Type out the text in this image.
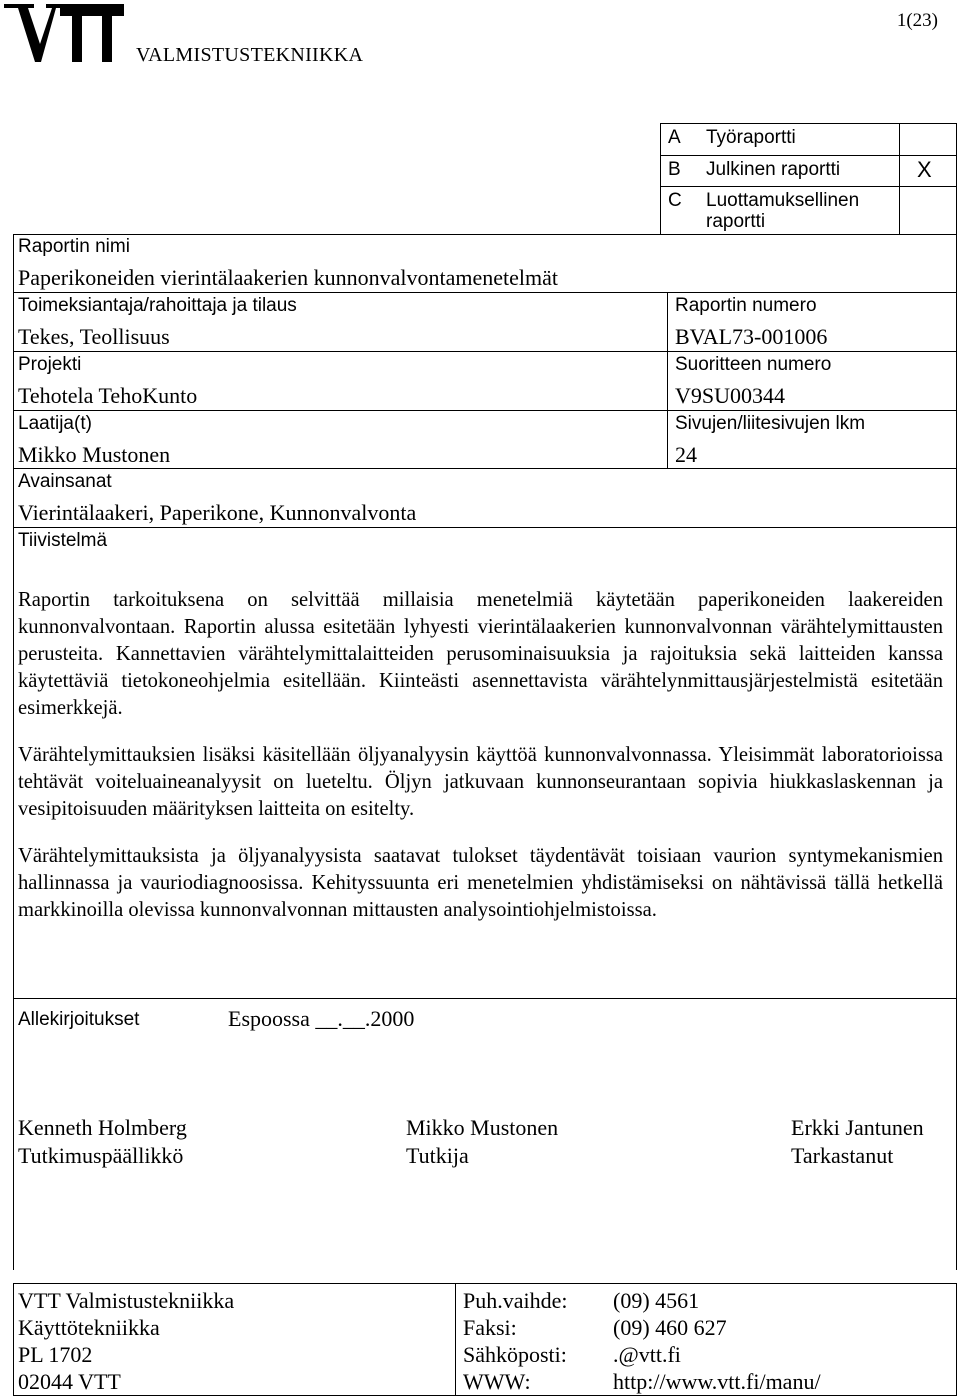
VALMISTUSTEKNIIKKA
1(23)
A Työraportti
B Julkinen raportti	X
C Luottamuksellinen raportti
Raportin nimi
Paperikoneiden vierintälaakerien kunnonvalvontamenetelmät
Toimeksiantaja/rahoittaja ja tilaus
Tekes, Teollisuus
Raportin numero
BVAL73-001006
Projekti
Tehotela TehoKunto
Suoritteen numero
V9SU00344
Laatija(t)
Mikko Mustonen
Sivujen/liitesivujen lkm
24
Avainsanat
Vierintälaakeri, Paperikone, Kunnonvalvonta
Tiivistelmä

Raportin tarkoituksena on selvittää millaisia menetelmiä käytetään paperikoneiden laakereiden kunnonvalvontaan. Raportin alussa esitetään lyhyesti vierintälaakerien kunnonvalvonnan värähtelymittausten perusteita. Kannettavien värähtelymittalaitteiden perusominaisuuksia ja rajoituksia sekä laitteiden kanssa käytettäviä tietokoneohjelmia esitellään. Kiinteästi asennettavista värähtelynmittausjärjestelmistä esitetään esimerkkejä.

Värähtelymittauksien lisäksi käsitellään öljyanalyysin käyttöä kunnonvalvonnassa. Yleisimmät laboratorioissa tehtävät voiteluaineanalyysit on lueteltu. Öljyn jatkuvaan kunnonseurantaan sopivia hiukkaslaskennan ja vesipitoisuuden määrityksen laitteita on esitelty.

Värähtelymittauksista ja öljyanalyysista saatavat tulokset täydentävät toisiaan vaurion syntymekanismien hallinnassa ja vauriodiagnoosissa. Kehityssuunta eri menetelmien yhdistämiseksi on nähtävissä tällä hetkellä markkinoilla olevissa kunnonvalvonnan mittausten analysointiohjelmistoissa.

Allekirjoitukset	Espoossa __.__.2000
Kenneth Holmberg
Tutkimuspäällikkö
Mikko Mustonen
Tutkija
Erkki Jantunen
Tarkastanut
VTT Valmistustekniikka
Käyttötekniikka
PL 1702
02044 VTT
Puh.vaihde:
Faksi:
Sähköposti:
WWW:
(09) 4561
(09) 460 627
.@vtt.fi
http://www.vtt.fi/manu/
